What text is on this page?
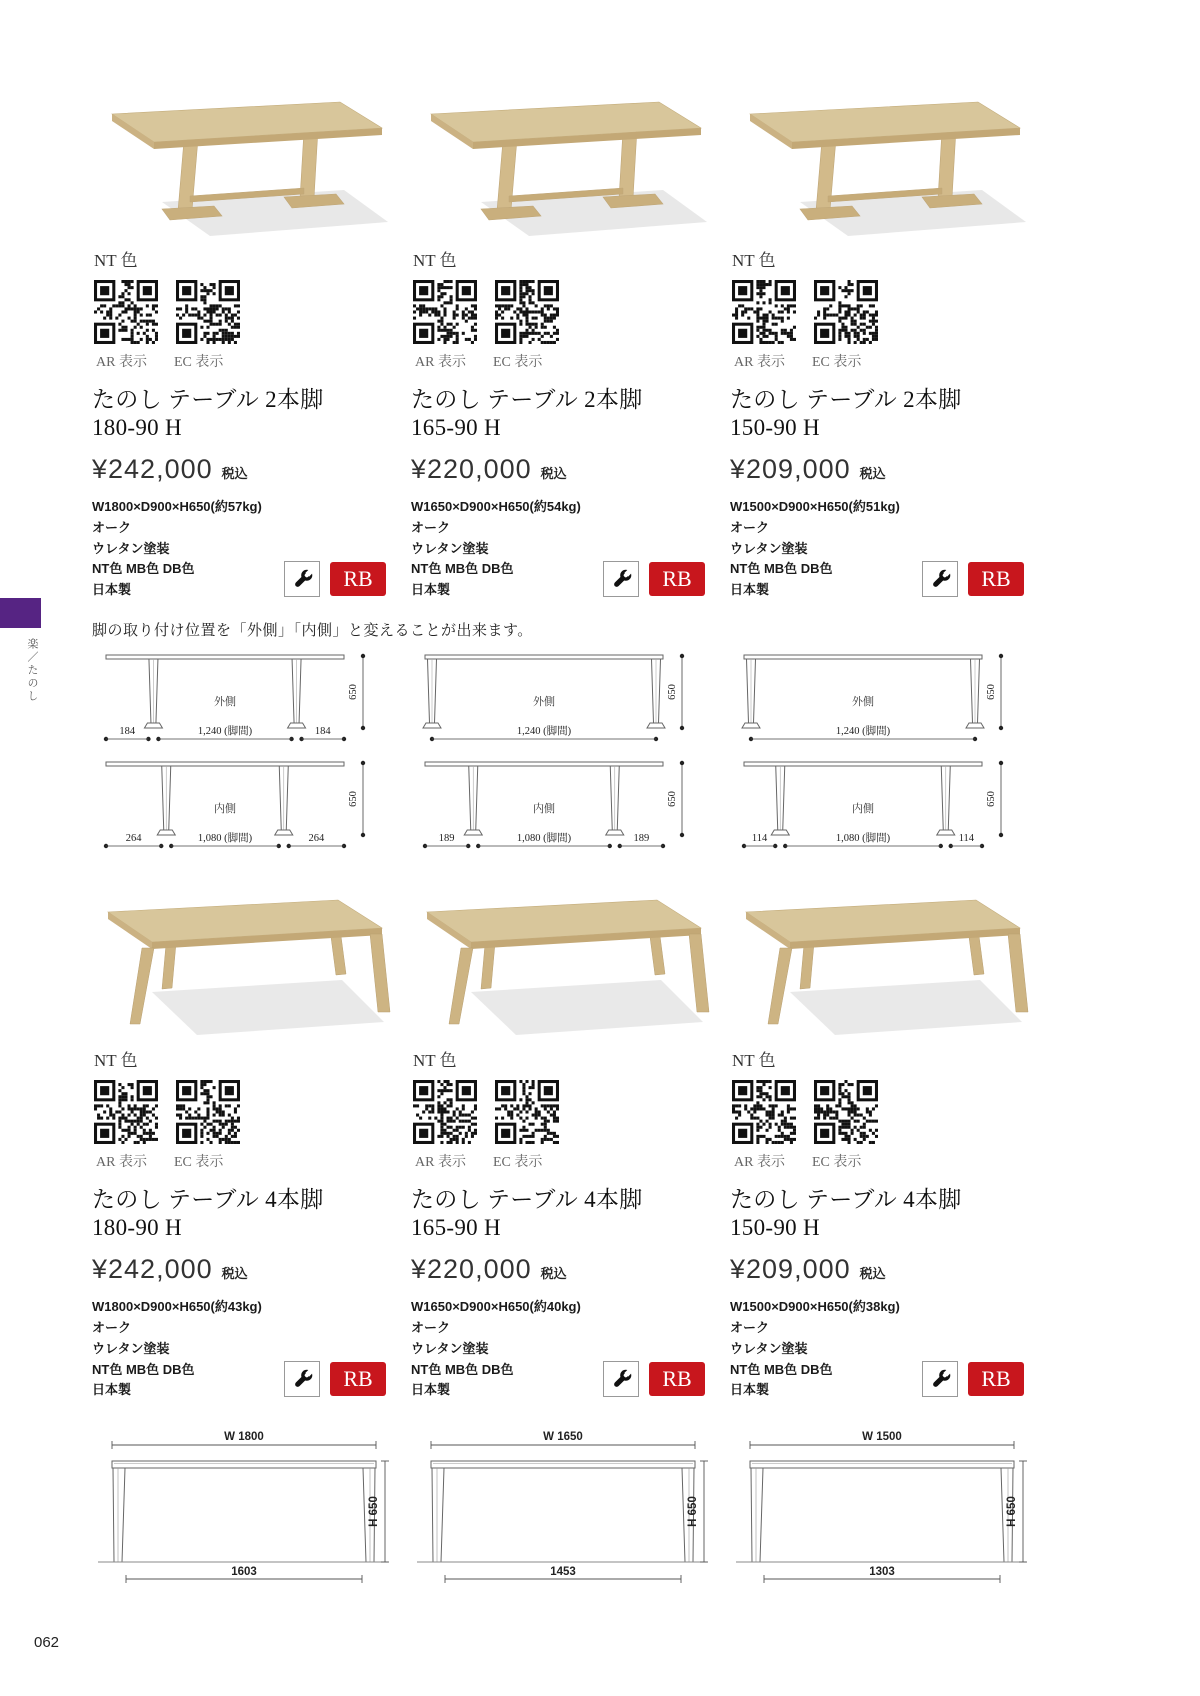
楽／たのし
NT 色
AR 表示	EC 表示
たのし テーブル 2本脚
180-90 H
¥242,000 税込
W1800×D900×H650(約57kg)
オーク
ウレタン塗装
NT色 MB色 DB色
日本製	RB
NT 色
AR 表示	EC 表示
たのし テーブル 2本脚
165-90 H
¥220,000 税込
W1650×D900×H650(約54kg)
オーク
ウレタン塗装
NT色 MB色 DB色
日本製	RB
NT 色
AR 表示	EC 表示
たのし テーブル 2本脚
150-90 H
¥209,000 税込
W1500×D900×H650(約51kg)
オーク
ウレタン塗装
NT色 MB色 DB色
日本製	RB
脚の取り付け位置を「外側」「内側」と変えることが出来ます。
外側
184	1,240 (脚間)	184
650
内側
264	1,080 (脚間)	264
650
外側
1,240 (脚間)
650
内側
189	1,080 (脚間)	189
650
外側
1,240 (脚間)
650
内側
114	1,080 (脚間)	114
650
NT 色
AR 表示	EC 表示
たのし テーブル 4本脚
180-90 H
¥242,000 税込
W1800×D900×H650(約43kg)
オーク
ウレタン塗装
NT色 MB色 DB色
日本製	RB
NT 色
AR 表示	EC 表示
たのし テーブル 4本脚
165-90 H
¥220,000 税込
W1650×D900×H650(約40kg)
オーク
ウレタン塗装
NT色 MB色 DB色
日本製	RB
NT 色
AR 表示	EC 表示
たのし テーブル 4本脚
150-90 H
¥209,000 税込
W1500×D900×H650(約38kg)
オーク
ウレタン塗装
NT色 MB色 DB色
日本製	RB
W 1800
H 650
1603
W 1650
H 650
1453
W 1500
H 650
1303
062
